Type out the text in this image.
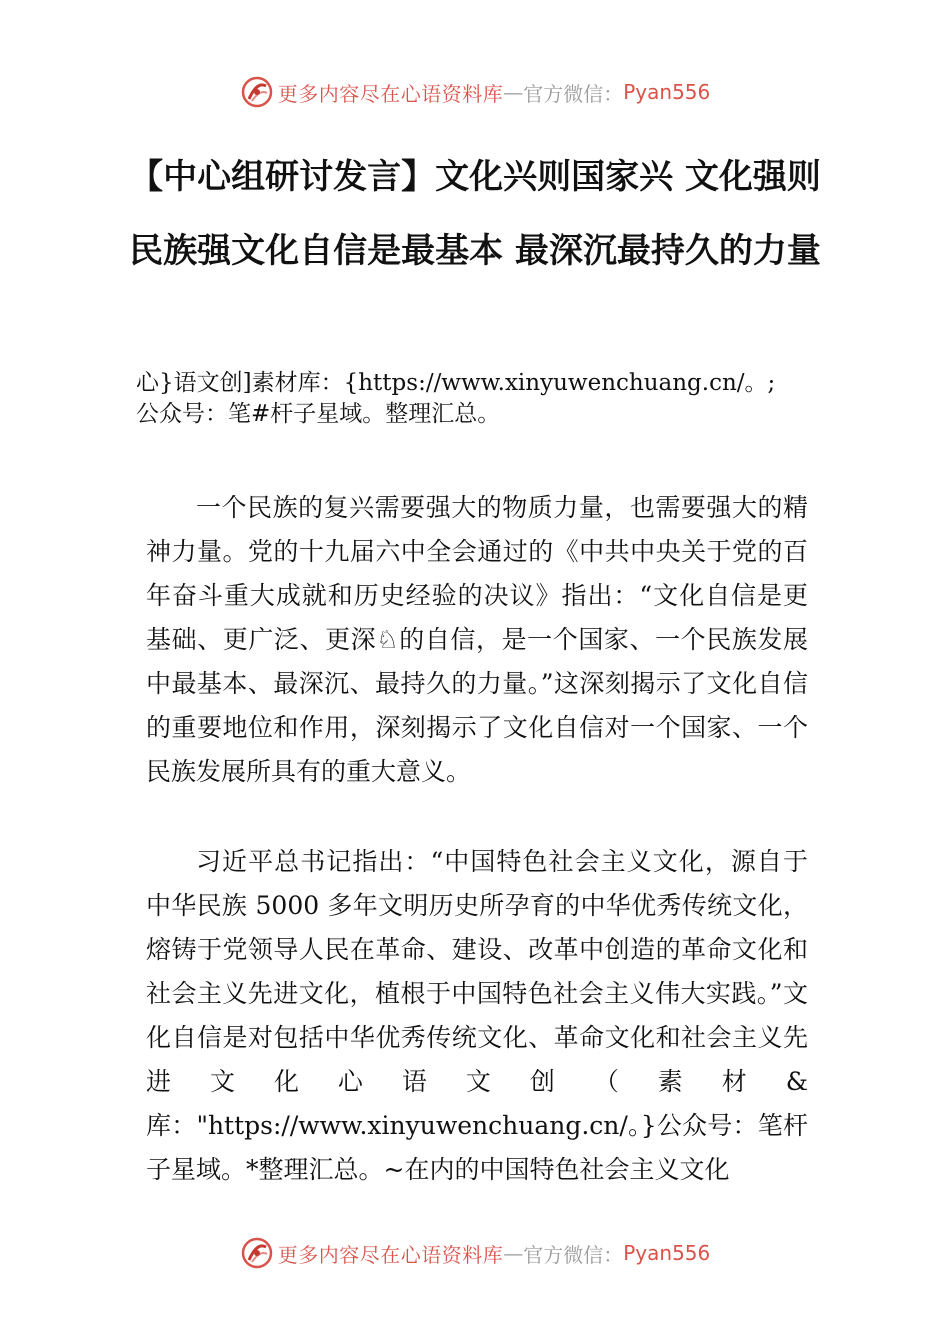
更多内容尽在心语资料库 — 官方微信： Pyan556
【中心组研讨发言】文化兴则国家兴 文化强则民族强文化自信是最基本 最深沉最持久的力量

心}语文创]素材库：{https://www.xinyuwenchuang.cn/。;
公众号：笔#杆子星域。整理汇总。

一个民族的复兴需要强大的物质力量，也需要强大的精神力量。党的十九届六中全会通过的《中共中央关于党的百年奋斗重大成就和历史经验的决议》指出：“文化自信是更基础、更广泛、更深♘的自信，是一个国家、一个民族发展中最基本、最深沉、最持久的力量。”这深刻揭示了文化自信的重要地位和作用，深刻揭示了文化自信对一个国家、一个民族发展所具有的重大意义。

习近平总书记指出：“中国特色社会主义文化，源自于中华民族 5000 多年文明历史所孕育的中华优秀传统文化，熔铸于党领导人民在革命、建设、改革中创造的革命文化和社会主义先进文化，植根于中国特色社会主义伟大实践。”文化自信是对包括中华优秀传统文化、革命文化和社会主义先进文化心语文创（素材&库："https://www.xinyuwenchuang.cn/。}公众号：笔杆子星域。*整理汇总。~在内的中国特色社会主义文化

更多内容尽在心语资料库 — 官方微信： Pyan556
